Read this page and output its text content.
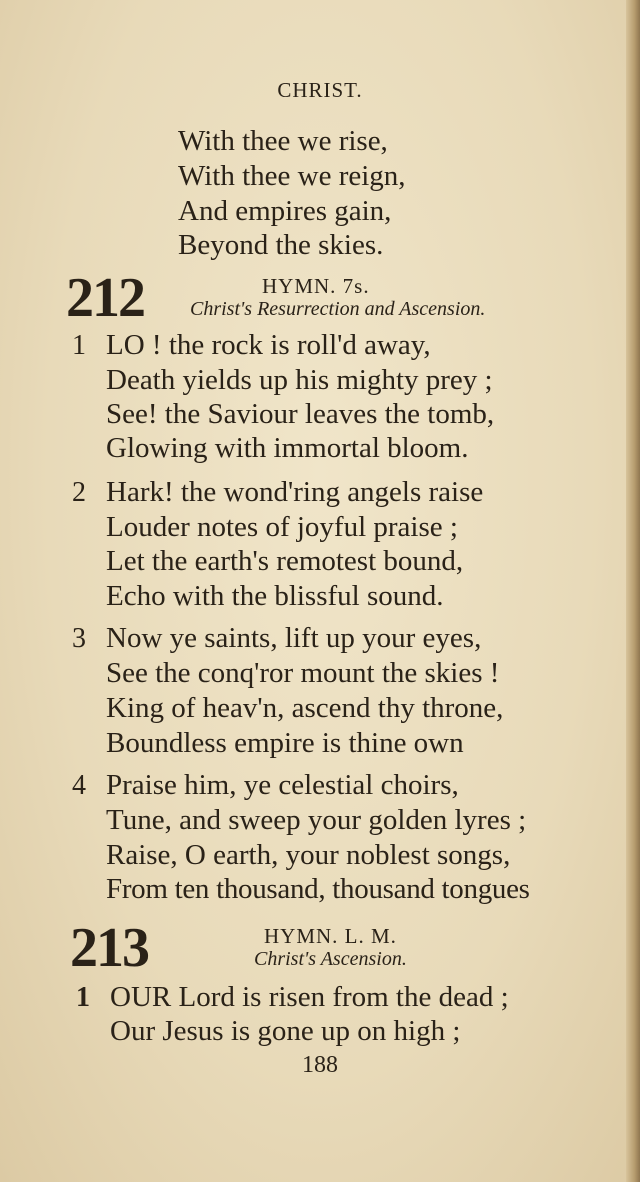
CHRIST.
With thee we rise,
With thee we reign,
And empires gain,
Beyond the skies.
212	HYMN. 7s.
Christ's Resurrection and Ascension.
1 LO ! the rock is roll'd away,
Death yields up his mighty prey ;
See! the Saviour leaves the tomb,
Glowing with immortal bloom.
2 Hark! the wond'ring angels raise
Louder notes of joyful praise ;
Let the earth's remotest bound,
Echo with the blissful sound.
3 Now ye saints, lift up your eyes,
See the conq'ror mount the skies !
King of heav'n, ascend thy throne,
Boundless empire is thine own
4 Praise him, ye celestial choirs,
Tune, and sweep your golden lyres ;
Raise, O earth, your noblest songs,
From ten thousand, thousand tongues
213	HYMN. L. M.
Christ's Ascension.
1 OUR Lord is risen from the dead ;
Our Jesus is gone up on high ;
188
